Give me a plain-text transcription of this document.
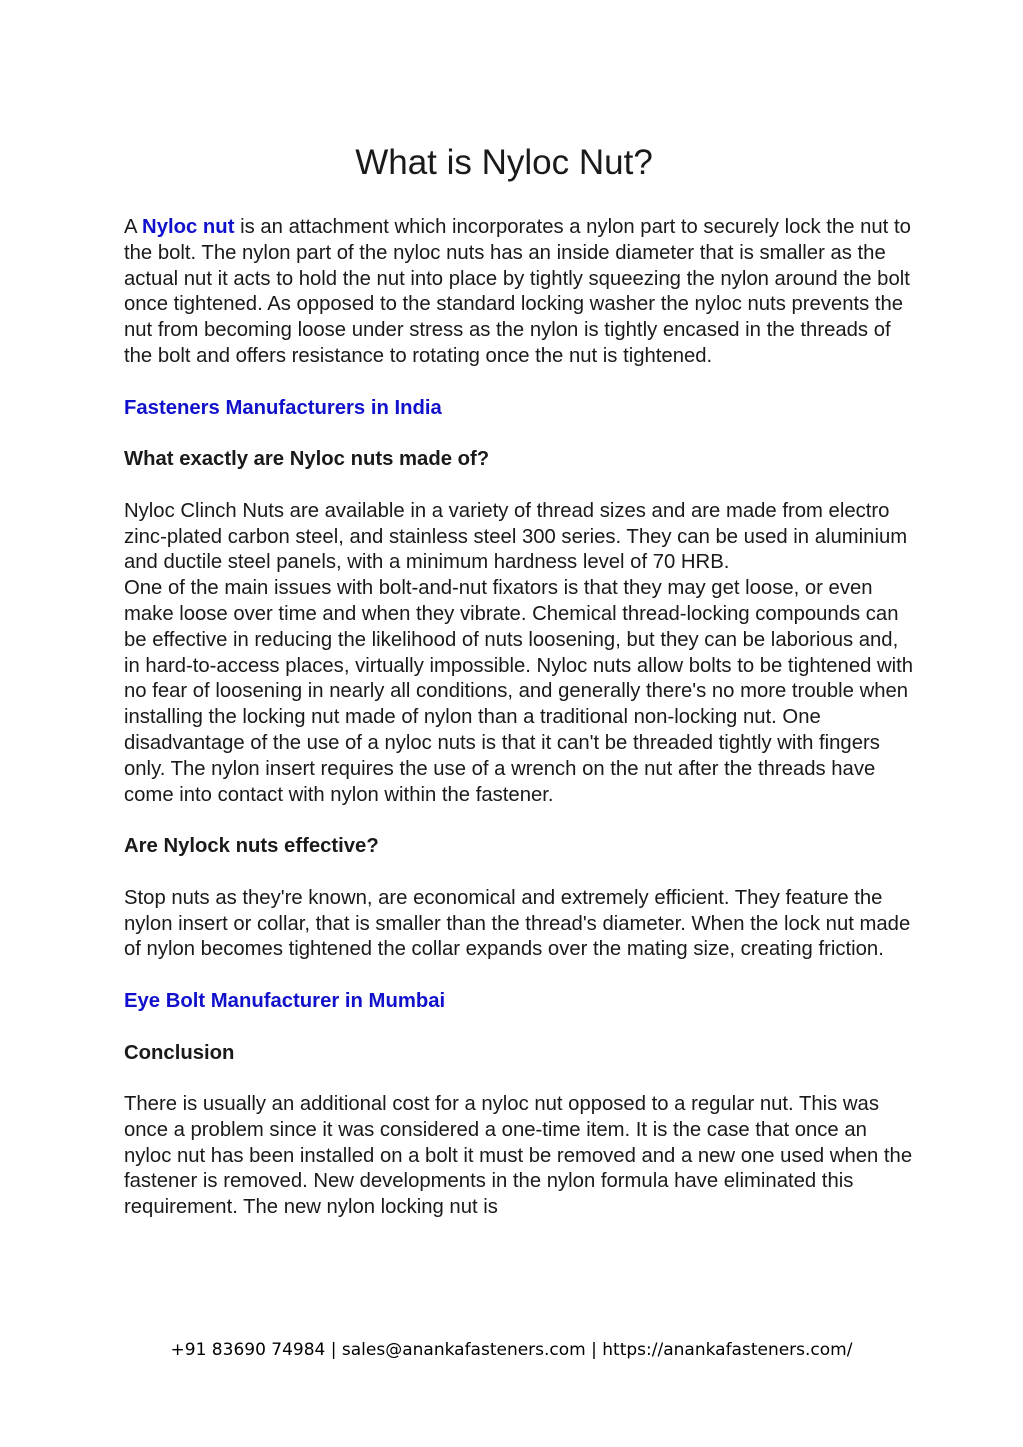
What is Nyloc Nut?

A Nyloc nut is an attachment which incorporates a nylon part to securely lock the nut to the bolt. The nylon part of the nyloc nuts has an inside diameter that is smaller as the actual nut it acts to hold the nut into place by tightly squeezing the nylon around the bolt once tightened. As opposed to the standard locking washer the nyloc nuts prevents the nut from becoming loose under stress as the nylon is tightly encased in the threads of the bolt and offers resistance to rotating once the nut is tightened.

Fasteners Manufacturers in India

What exactly are Nyloc nuts made of?

Nyloc Clinch Nuts are available in a variety of thread sizes and are made from electro zinc-plated carbon steel, and stainless steel 300 series. They can be used in aluminium and ductile steel panels, with a minimum hardness level of 70 HRB.

One of the main issues with bolt-and-nut fixators is that they may get loose, or even make loose over time and when they vibrate. Chemical thread-locking compounds can be effective in reducing the likelihood of nuts loosening, but they can be laborious and, in hard-to-access places, virtually impossible. Nyloc nuts allow bolts to be tightened with no fear of loosening in nearly all conditions, and generally there's no more trouble when installing the locking nut made of nylon than a traditional non-locking nut. One disadvantage of the use of a nyloc nuts is that it can't be threaded tightly with fingers only. The nylon insert requires the use of a wrench on the nut after the threads have come into contact with nylon within the fastener.

Are Nylock nuts effective?

Stop nuts as they're known, are economical and extremely efficient. They feature the nylon insert or collar, that is smaller than the thread's diameter. When the lock nut made of nylon becomes tightened the collar expands over the mating size, creating friction.

Eye Bolt Manufacturer in Mumbai

Conclusion

There is usually an additional cost for a nyloc nut opposed to a regular nut. This was once a problem since it was considered a one-time item. It is the case that once an nyloc nut has been installed on a bolt it must be removed and a new one used when the fastener is removed. New developments in the nylon formula have eliminated this requirement. The new nylon locking nut is

+91 83690 74984 | sales@anankafasteners.com | https://anankafasteners.com/
